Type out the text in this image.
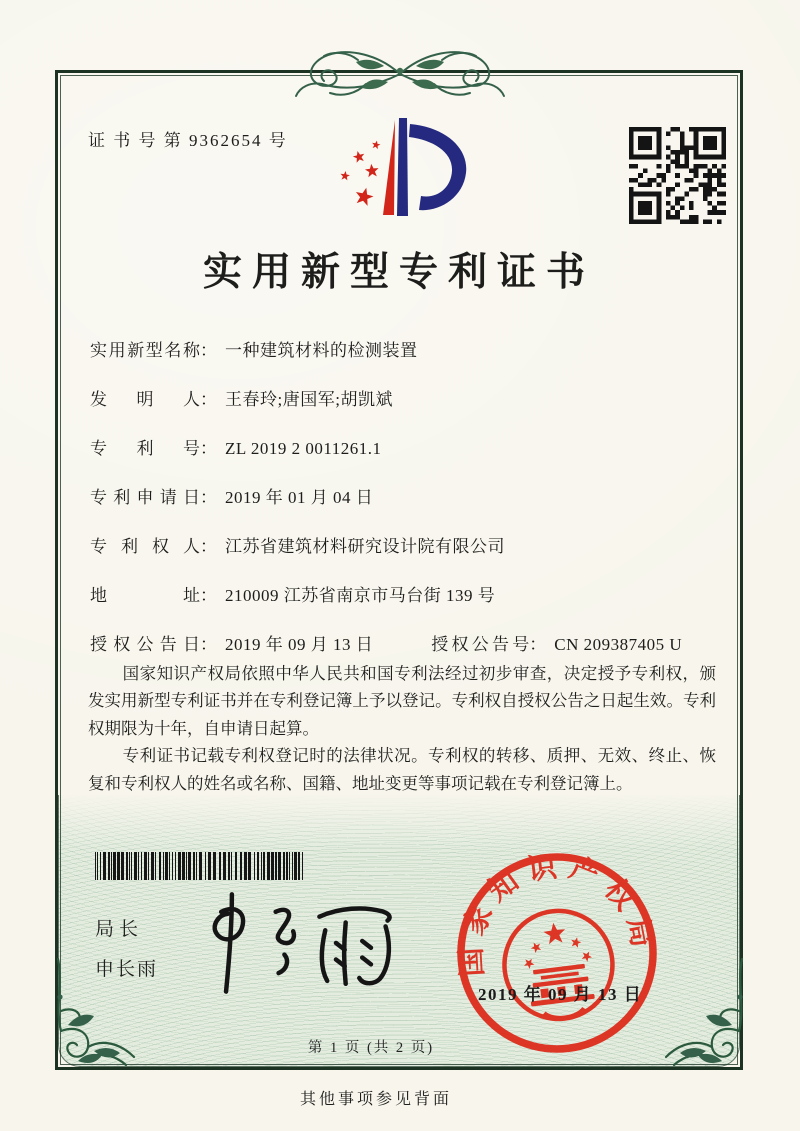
证 书 号 第 9362654 号
实用新型专利证书
实用新型名称 ： 一种建筑材料的检测装置
发明人 ： 王春玲;唐国军;胡凯斌
专利号 ： ZL 2019 2 0011261.1
专利申请日 ： 2019 年 01 月 04 日
专利权人 ： 江苏省建筑材料研究设计院有限公司
地址 ： 210009 江苏省南京市马台街 139 号
授权公告日 ： 2019 年 09 月 13 日	授权公告号 ： CN 209387405 U

国家知识产权局依照中华人民共和国专利法经过初步审查，决定授予专利权，颁发实用新型专利证书并在专利登记簿上予以登记。专利权自授权公告之日起生效。专利权期限为十年，自申请日起算。

专利证书记载专利权登记时的法律状况。专利权的转移、质押、无效、终止、恢复和专利权人的姓名或名称、国籍、地址变更等事项记载在专利登记簿上。

局长
申长雨	国家知识产权局
2019 年 09 月 13 日
第 1 页 (共 2 页)
其他事项参见背面
